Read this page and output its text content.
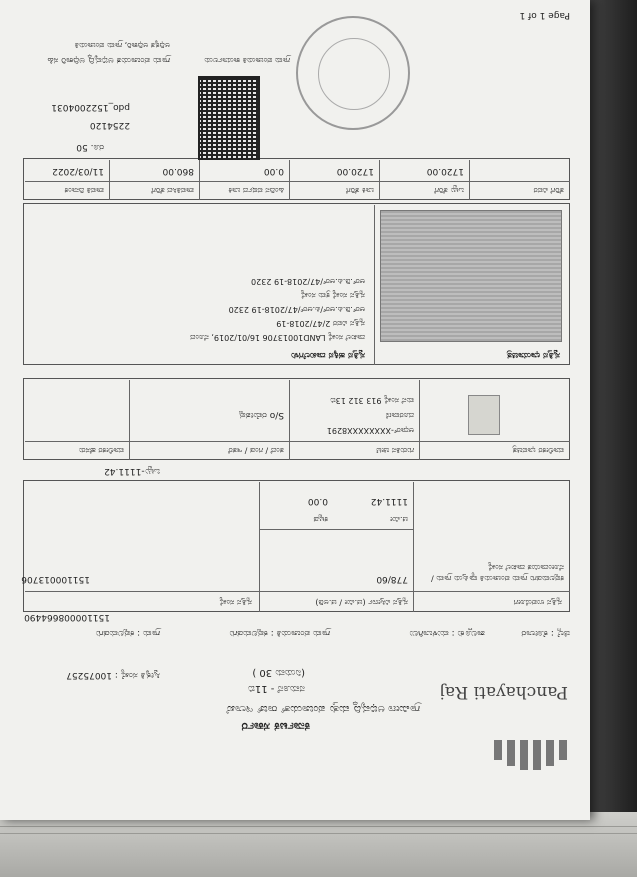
Panchayati Raj
ಕರ್ನಾಟಕ ಸರ್ಕಾರ
ಗ್ರಾಮೀಣ ಅಭಿವೃದ್ಧಿ ಮತ್ತು ಪಂಚಾಯತ್ ರಾಜ್ ಇಲಾಖೆ
ನಮೂನೆ - 11ಬಿ
(ನಿಯಮ 30 )
ಸ್ವೀಕೃತಿ ಸಂಖ್ಯೆ : 10075257
ಜಿಲ್ಲೆ : ಕೋಲಾರ
ತಾಲ್ಲೂಕು : ಮುಳಬಾಗಿಲು
ಗ್ರಾಮ ಪಂಚಾಯತಿ : ಕಪ್ಪಲಮಡಗು
ಗ್ರಾಮ : ಕಪ್ಪಲಮಡಗು
151100008664490
ಸ್ವತ್ತಿನ ಉಪಯೋಗ
ಸ್ವತ್ತಿನ ವಿಸ್ತೀರ್ಣ (ಚ.ಮೀ / ಚ.ಅಡಿ)
ಸ್ವತ್ತಿನ ಸಂಖ್ಯೆ
ಕಪ್ಪಲಮಡಗು ಗ್ರಾಮ ಪಂಚಾಯತಿ ವ್ಯಾಪ್ತಿಯ ಗ್ರಾಮ / ನೋಂದಾಯಿತ ದಾಖಲೆ ಸಂಖ್ಯೆ
778/60
151100013706
ಚ.ಮೀ
ಕಟ್ಟಡ
1111.42
0.00
ಒಟ್ಟು-1111.42
ಮಾಲೀಕರ ಭಾವಚಿತ್ರ
ಗುರುತಿನ ಚೀಟಿ
ತಂದೆ / ಗಂಡ / ಇತರೆ
ಮಾಲೀಕರ ಹೆಸರು
ಆಧಾರ್-XXXXXXXX8291
ದೂರವಾಣಿ
ಮನೆ ಸಂಖ್ಯೆ 913 312 13ಬಿ
S/o ರಮೇಶಪ್ಪ
ಸ್ವತ್ತಿನ ಛಾಯಾಚಿತ್ರ
ಸ್ವತ್ತಿನ ಹಕ್ಕಿನ ದಾಖಲೆಗಳು
ದಾಖಲೆ ಸಂಖ್ಯೆ LAND10013706 16/01/2019, ನೊಂದ
ಸ್ವತ್ತಿನ ವಿವರ 2/47/2018-19
ಆರ್.ಡಿ.ಪಿ.ಆರ್/ಪಿ.ಆರ್/47/2018-19 2320
ಸ್ವತ್ತಿನ ಸಂಖ್ಯೆ ಕ್ರಮ ಸಂಖ್ಯೆ
ಆರ್.ಡಿ.ಪಿ.ಆರ್/47/2018-19 2320
ತೆರಿಗೆ ವಿವರ
ಒಟ್ಟು ತೆರಿಗೆ
ಬಾಕಿ ತೆರಿಗೆ
ಹಿಂದಿನ ವರ್ಷದ ಬಾಕಿ
ಪಾವತಿಸಿದ ತೆರಿಗೆ
ಪಾವತಿ ದಿನಾಂಕ
1720.00
1720.00
0.00
860.00
11/03/2022
ರೂ. 50
2254120
pdo_1522004031
ಗ್ರಾಮ ಪಂಚಾಯತಿ ಕಾರ್ಯಾಲಯ
ಗ್ರಾಮ ಪಂಚಾಯತ ಅಭಿವೃದ್ಧಿ ಅಧಿಕಾರಿ ಸಹಿ
ಅಧಿಕೃತ ಅಧಿಕಾರಿ, ಗ್ರಾಮ ಪಂಚಾಯತಿ
Page 1 of 1
